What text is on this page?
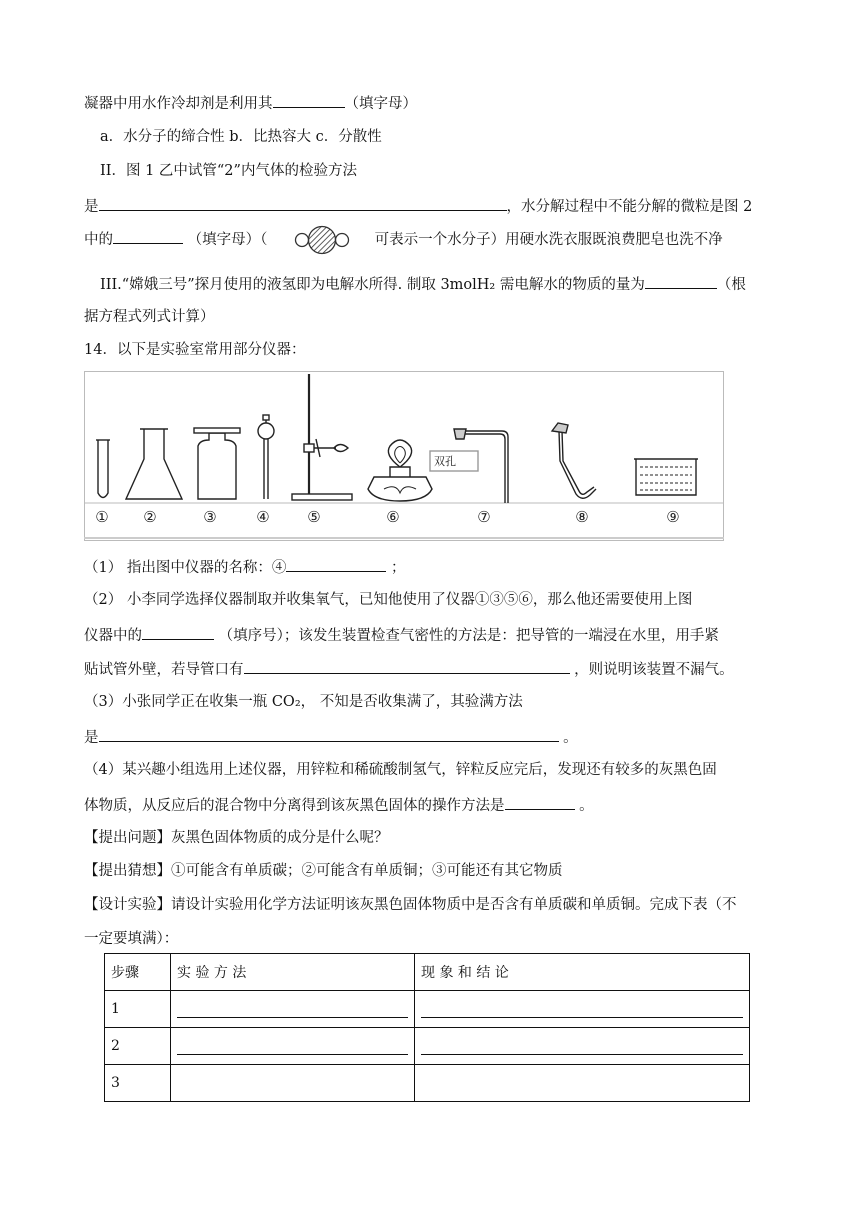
凝器中用水作冷却剂是利用其	（填字母）
a．水分子的缔合性 b．比热容大 c．分散性
II．图 1 乙中试管“2”内气体的检验方法
是	，水分解过程中不能分解的微粒是图 2
中的	（填字母）（	可表示一个水分子）用硬水洗衣服既浪费肥皂也洗不净
III.“嫦娥三号”探月使用的液氢即为电解水所得. 制取 3molH₂ 需电解水的物质的量为	（根
据方程式列式计算）
14．以下是实验室常用部分仪器：
双孔
① ②	③	④	⑤	⑥	⑦	⑧	⑨
（1） 指出图中仪器的名称：④	；
（2） 小李同学选择仪器制取并收集氧气，已知他使用了仪器①③⑤⑥，那么他还需要使用上图
仪器中的	（填序号）；该发生装置检查气密性的方法是：把导管的一端浸在水里，用手紧
贴试管外壁，若导管口有	，则说明该装置不漏气。
（3）小张同学正在收集一瓶 CO₂， 不知是否收集满了，其验满方法
是	。
（4）某兴趣小组选用上述仪器，用锌粒和稀硫酸制氢气，锌粒反应完后，发现还有较多的灰黑色固
体物质，从反应后的混合物中分离得到该灰黑色固体的操作方法是	。
【提出问题】灰黑色固体物质的成分是什么呢？
【提出猜想】①可能含有单质碳；②可能含有单质铜；③可能还有其它物质
【设计实验】请设计实验用化学方法证明该灰黑色固体物质中是否含有单质碳和单质铜。完成下表（不
一定要填满）：
步骤	实 验 方 法	现 象 和 结 论
1	

2	

3		
